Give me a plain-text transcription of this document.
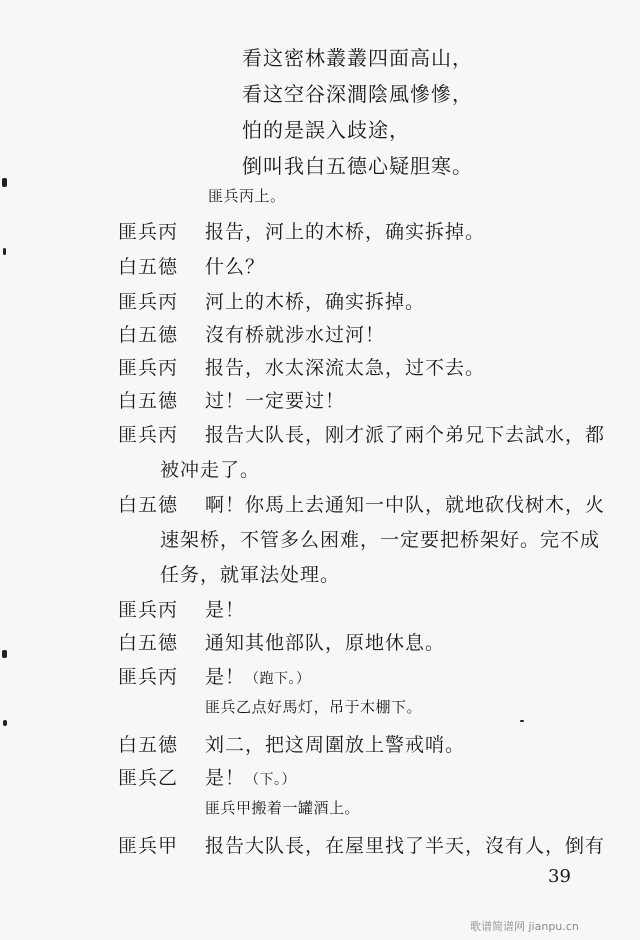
看这密林叢叢四面高山，
看这空谷深澗陰風慘慘，
怕的是誤入歧途，
倒叫我白五德心疑胆寒。
匪兵丙上。
匪兵丙 报告，河上的木桥，确实拆掉。
白五德 什么？
匪兵丙 河上的木桥，确实拆掉。
白五德 沒有桥就涉水过河！
匪兵丙 报告，水太深流太急，过不去。
白五德 过！一定要过！
匪兵丙 报告大队長，刚才派了兩个弟兄下去試水，都
被冲走了。
白五德 啊！你馬上去通知一中队，就地砍伐树木，火
速架桥，不管多么困难，一定要把桥架好。完不成
任务，就軍法处理。
匪兵丙 是！
白五德 通知其他部队，原地休息。
匪兵丙 是！（跑下。）
匪兵乙点好馬灯，吊于木棚下。
白五德 刘二，把这周圍放上警戒哨。
匪兵乙 是！（下。）
匪兵甲搬着一罐酒上。
匪兵甲 报告大队長，在屋里找了半天，沒有人，倒有
39
歌谱简谱网 jianpu.cn
